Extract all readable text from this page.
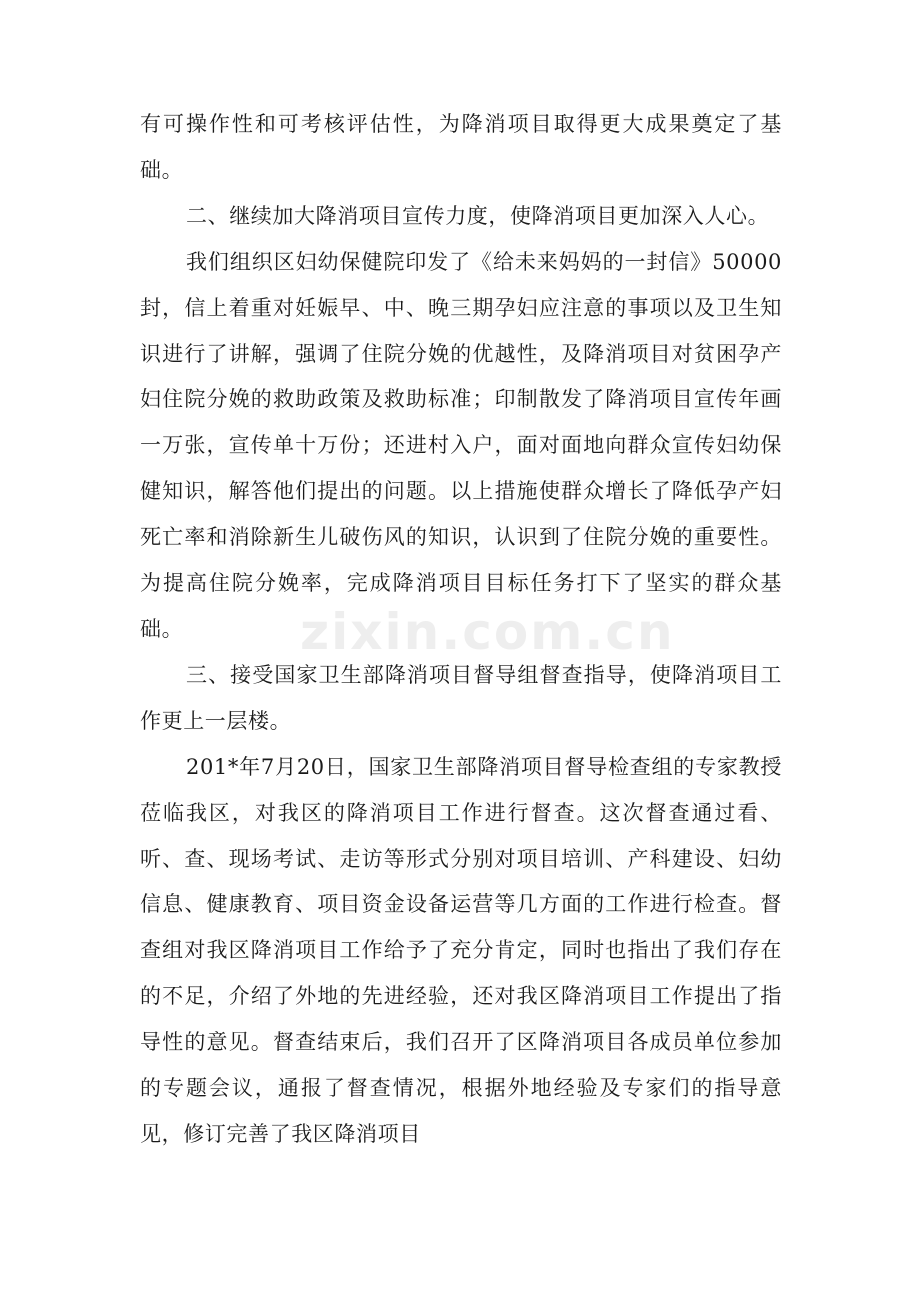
有可操作性和可考核评估性，为降消项目取得更大成果奠定了基础。

二、继续加大降消项目宣传力度，使降消项目更加深入人心。

我们组织区妇幼保健院印发了《给未来妈妈的一封信》50000封，信上着重对妊娠早、中、晚三期孕妇应注意的事项以及卫生知识进行了讲解，强调了住院分娩的优越性，及降消项目对贫困孕产妇住院分娩的救助政策及救助标准；印制散发了降消项目宣传年画一万张，宣传单十万份；还进村入户，面对面地向群众宣传妇幼保健知识，解答他们提出的问题。以上措施使群众增长了降低孕产妇死亡率和消除新生儿破伤风的知识，认识到了住院分娩的重要性。为提高住院分娩率，完成降消项目目标任务打下了坚实的群众基础。

三、接受国家卫生部降消项目督导组督查指导，使降消项目工作更上一层楼。

201*年7月20日，国家卫生部降消项目督导检查组的专家教授莅临我区，对我区的降消项目工作进行督查。这次督查通过看、听、查、现场考试、走访等形式分别对项目培训、产科建设、妇幼信息、健康教育、项目资金设备运营等几方面的工作进行检查。督查组对我区降消项目工作给予了充分肯定，同时也指出了我们存在的不足，介绍了外地的先进经验，还对我区降消项目工作提出了指导性的意见。督查结束后，我们召开了区降消项目各成员单位参加的专题会议，通报了督查情况，根据外地经验及专家们的指导意见，修订完善了我区降消项目

zixin.com.cn
